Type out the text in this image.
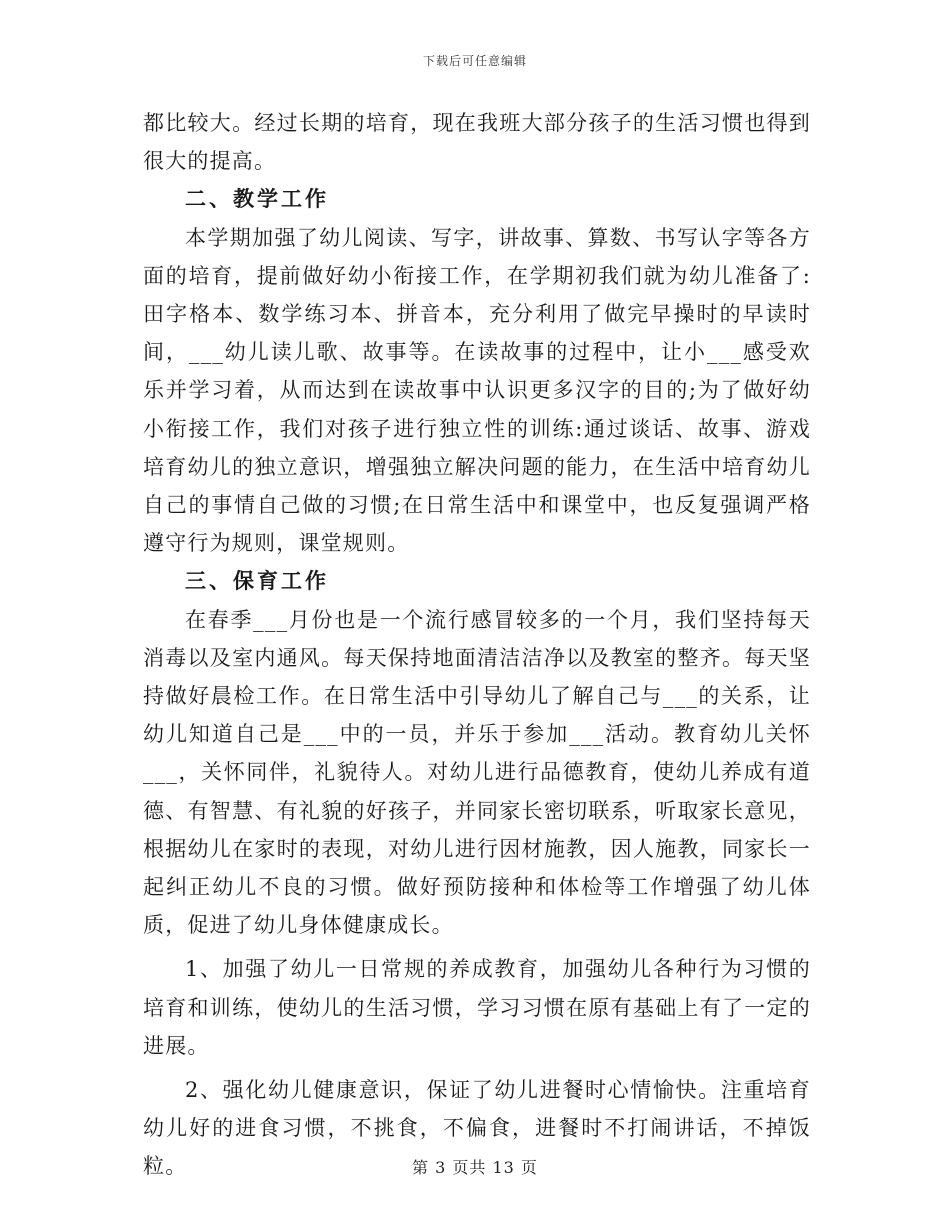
下载后可任意编辑

都比较大。经过长期的培育，现在我班大部分孩子的生活习惯也得到很大的提高。

二、教学工作

本学期加强了幼儿阅读、写字，讲故事、算数、书写认字等各方面的培育，提前做好幼小衔接工作，在学期初我们就为幼儿准备了:田字格本、数学练习本、拼音本，充分利用了做完早操时的早读时间，___幼儿读儿歌、故事等。在读故事的过程中，让小___感受欢乐并学习着，从而达到在读故事中认识更多汉字的目的;为了做好幼小衔接工作，我们对孩子进行独立性的训练:通过谈话、故事、游戏培育幼儿的独立意识，增强独立解决问题的能力，在生活中培育幼儿自己的事情自己做的习惯;在日常生活中和课堂中，也反复强调严格遵守行为规则，课堂规则。

三、保育工作

在春季___月份也是一个流行感冒较多的一个月，我们坚持每天消毒以及室内通风。每天保持地面清洁洁净以及教室的整齐。每天坚持做好晨检工作。在日常生活中引导幼儿了解自己与___的关系，让幼儿知道自己是___中的一员，并乐于参加___活动。教育幼儿关怀___，关怀同伴，礼貌待人。对幼儿进行品德教育，使幼儿养成有道德、有智慧、有礼貌的好孩子，并同家长密切联系，听取家长意见，根据幼儿在家时的表现，对幼儿进行因材施教，因人施教，同家长一起纠正幼儿不良的习惯。做好预防接种和体检等工作增强了幼儿体质，促进了幼儿身体健康成长。

1、加强了幼儿一日常规的养成教育，加强幼儿各种行为习惯的培育和训练，使幼儿的生活习惯，学习习惯在原有基础上有了一定的进展。

2、强化幼儿健康意识，保证了幼儿进餐时心情愉快。注重培育幼儿好的进食习惯，不挑食，不偏食，进餐时不打闹讲话，不掉饭粒。	第 3 页共 13 页
